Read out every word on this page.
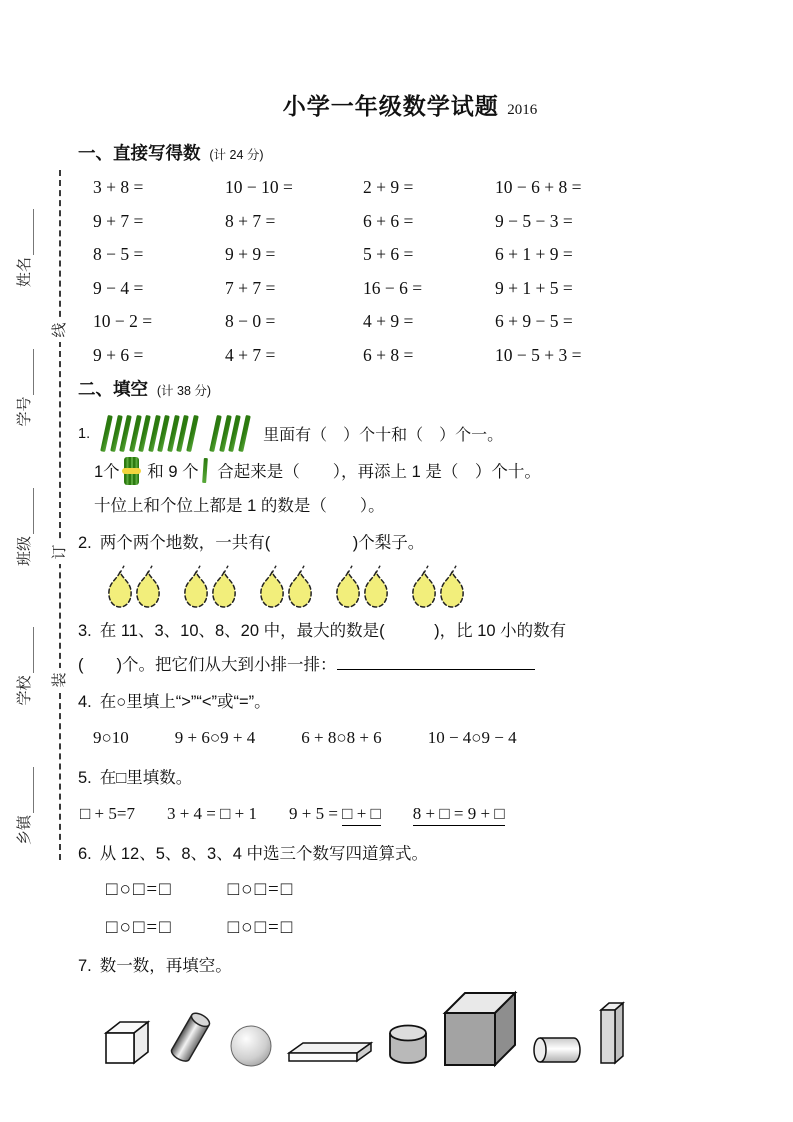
乡镇
学校
班级
学号
姓名
装
订
线

小学一年级数学试题 2016

一、直接写得数 (计 24 分)
3 + 8 =	10 − 10 =	2 + 9 =	10 − 6 + 8 =
9 + 7 =	8 + 7 =	6 + 6 =	9 − 5 − 3 =
8 − 5 =	9 + 9 =	5 + 6 =	6 + 1 + 9 =
9 − 4 =	7 + 7 =	16 − 6 =	9 + 1 + 5 =
10 − 2 =	8 − 0 =	4 + 9 =	6 + 9 − 5 =
9 + 6 =	4 + 7 =	6 + 8 =	10 − 5 + 3 =
二、填空 (计 38 分)
1.	里面有（　）个十和（　）个一。

1个 和 9 个 合起来是（　　），再添上 1 是（　）个十。

十位上和个位上都是 1 的数是（　　）。

2. 两个两个地数，一共有(　　　　　)个梨子。

3. 在 11、3、10、8、20 中，最大的数是(　　　)，比 10 小的数有

(　　)个。把它们从大到小排一排：

4. 在○里填上“>”“<”或“=”。

9○10	9 + 6○9 + 4	6 + 8○8 + 6	10 − 4○9 − 4

5. 在□里填数。

□ + 5=7 3 + 4 = □ + 1 9 + 5 = □ + □ 8 + □ = 9 + □

6. 从 12、5、8、3、4 中选三个数写四道算式。

□○□=□	□○□=□
□○□=□	□○□=□

7. 数一数，再填空。
